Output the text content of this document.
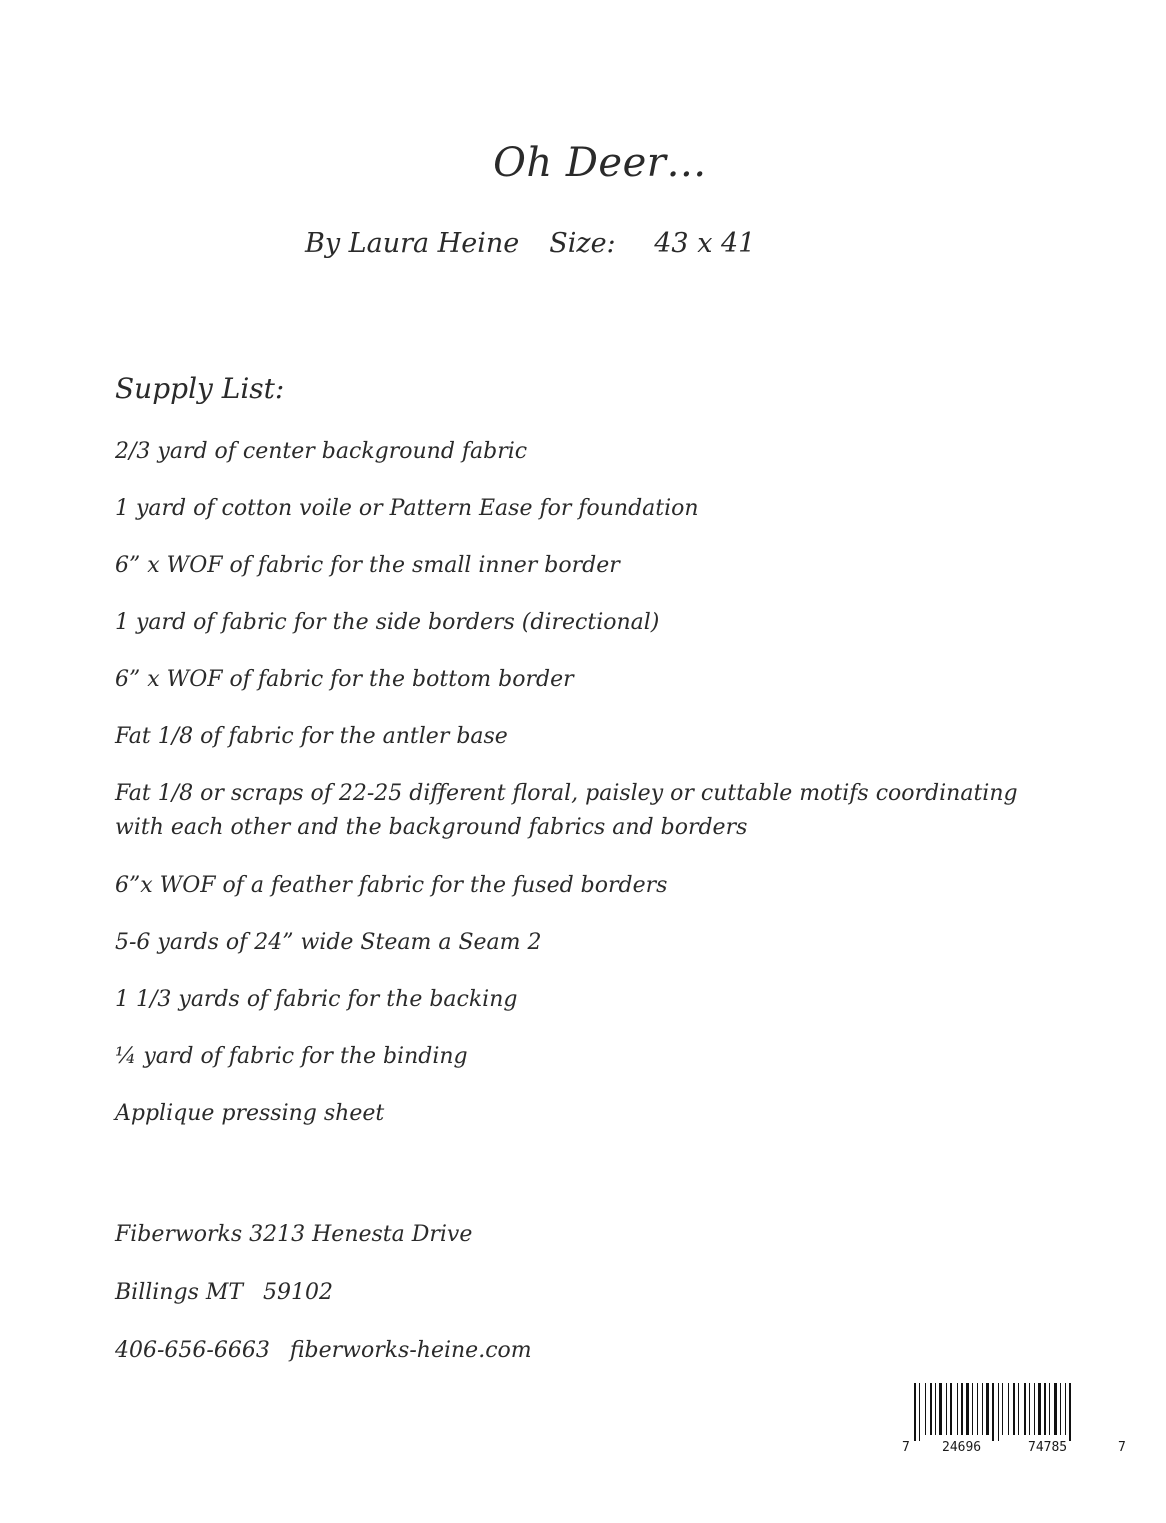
Oh Deer…
By Laura Heine Size: 43 x 41
Supply List:
2/3 yard of center background fabric
1 yard of cotton voile or Pattern Ease for foundation
6” x WOF of fabric for the small inner border
1 yard of fabric for the side borders (directional)
6” x WOF of fabric for the bottom border
Fat 1/8 of fabric for the antler base
Fat 1/8 or scraps of 22-25 different floral, paisley or cuttable motifs coordinating with each other and the background fabrics and borders
6”x WOF of a feather fabric for the fused borders
5-6 yards of 24” wide Steam a Seam 2
1 1/3 yards of fabric for the backing
¼ yard of fabric for the binding
Applique pressing sheet
Fiberworks 3213 Henesta Drive
Billings MT 59102
406-656-6663 fiberworks-heine.com
7 24696	74785	7
